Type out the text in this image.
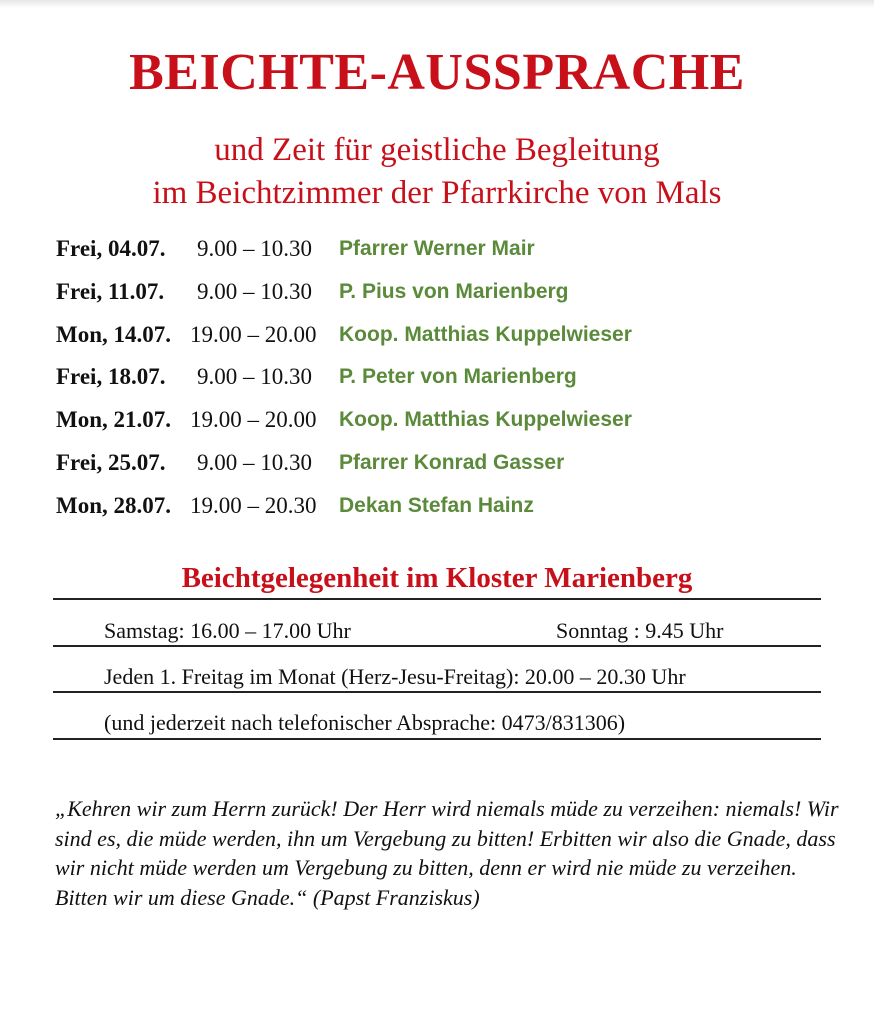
BEICHTE-AUSSPRACHE
und Zeit für geistliche Begleitung
im Beichtzimmer der Pfarrkirche von Mals
Frei, 04.07. 9.00 – 10.30 Pfarrer Werner Mair
Frei, 11.07. 9.00 – 10.30 P. Pius von Marienberg
Mon, 14.07. 19.00 – 20.00 Koop. Matthias Kuppelwieser
Frei, 18.07. 9.00 – 10.30 P. Peter von Marienberg
Mon, 21.07. 19.00 – 20.00 Koop. Matthias Kuppelwieser
Frei, 25.07. 9.00 – 10.30 Pfarrer Konrad Gasser
Mon, 28.07. 19.00 – 20.30 Dekan Stefan Hainz
Beichtgelegenheit im Kloster Marienberg
Samstag: 16.00 – 17.00 Uhr	Sonntag : 9.45 Uhr
Jeden 1. Freitag im Monat (Herz-Jesu-Freitag): 20.00 – 20.30 Uhr
(und jederzeit nach telefonischer Absprache: 0473/831306)
„Kehren wir zum Herrn zurück! Der Herr wird niemals müde zu verzeihen: niemals! Wir sind es, die müde werden, ihn um Vergebung zu bitten! Erbitten wir also die Gnade, dass wir nicht müde werden um Vergebung zu bitten, denn er wird nie müde zu verzeihen. Bitten wir um diese Gnade.“ (Papst Franziskus)
